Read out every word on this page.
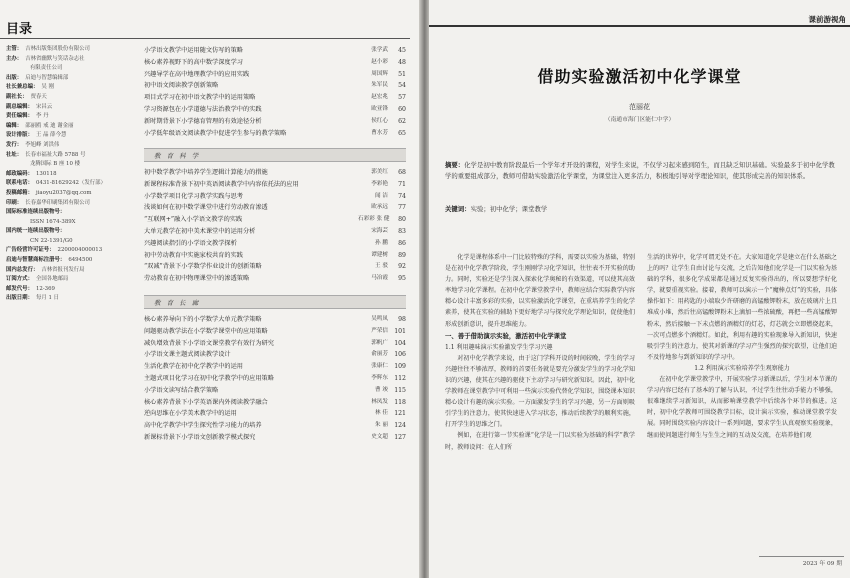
目录
主管： 吉林出版集团股份有限公司
主办： 吉林省幽默与笑话杂志社
有限责任公司
出版： 启迪与智慧编辑部
社长兼总编： 吴 刚
副社长： 贾春天
副总编辑： 宋昌云
责任编辑： 李 丹
编辑： 邵丽鸥 戒 迪 谢金丽
设计排版： 王 晶 薛今慧
发行： 李旭峰 刘洪伟
社址： 长春市福祉大路 5788 号
龙腾国际 B 座 10 楼
邮政编码： 130118
联系电话： 0431-81629242（发行部）
投稿邮箱： jiaoyu2037@qq.com
印刷： 长春嘉华印刷集团有限公司
国际标准连续出版物号：
ISSN 1674-389X
国内统一连续出版物号：
CN 22-1391/G0
广告经营许可证号： 2200004000013
启迪与智慧商标注册号： 6494500
国内总发行： 吉林省报刊发行局
订阅方式： 全国各地邮局
邮发代号： 12-369
出版日期： 每月 1 日
小学语文教学中运用随文仿写的策略	张学武	45
核心素养视野下的高中数学深度学习	赵小彩	48
兴趣导学在高中地理教学中的应用实践	周国辉	51
初中语文阅读教学创新策略	朱军民	54
项目式学习在初中语文教学中的运用策略	赵宏兆	57
学习资源包在小学道德与法治教学中的实践	欧亚锋	60
新时期背景下小学德育管理的有效途径分析	侯红心	62
小学低年级语文阅读教学中促进学生参与的教学策略	曹水芳	65
教 育 科 学
初中数学教学中培养学生逻辑计算能力的措施	郭美红	68
新课程标准背景下初中英语阅读教学中内容依托法的应用	李彩艳	71
小学数学项目化学习教学实践与思考	闻 洁	74
浅谈如何在初中数学课堂中进行劳动教育渗透	欧承远	77
“互联网+”融入小学语文教学的实践	石彩彩 张 健	80
大单元教学在初中美术课堂中的运用分析	宋海芸	83
兴趣阅读指引的小学语文教学探析	孙 鹏	86
初中劳动教育中实施家校共育的实践	谭建树	89
“双减”背景下小学数学作业设计的创新策略	王 驳	92
劳动教育在初中物理课堂中的渗透策略	马冶霞	95
教 育 长 廊
核心素养导向下的小学数学大单元教学策略	吴鸣凤	98
问题驱动教学法在小学数学课堂中的应用策略	严荣信 101
减负增效背景下小学语文课堂教学有效行为研究	郭帆广 104
小学语文课主题式阅读教学设计	俞丽芳 106
生活化教学在初中化学教学中的运用	张康仁 109
主题式项目化学习在初中化学教学中的应用策略	李辉东 112
小学语文读写结合教学策略	曹 竣 115
核心素养背景下小学英语课内外阅读教学融合	林凤发 118
逆向思维在小学美术教学中的运用	林 佳 121
高中化学教学中学生探究性学习能力的培养	朱 丽 124
新课标背景下小学语文创新教学模式探究	史文超 127
课前游视角
借助实验激活初中化学课堂
范丽花
（南通市海门区能仁中学）
摘要：化学是初中教育阶段最后一个学年才开设的课程，对学生来说，不仅学习起来感到陌生，而且缺乏知识基础。实验最多于初中化学教学的重要组成部分，教师可借助实验激活化学课堂，为课堂注入更多活力，积极地引导对学理论知识，使其形成完善的知识体系。
关键词：实验；初中化学；课堂教学

化学是课程体系中一门比较特殊的学科，需要以实验为基础，特别是在初中化学教学阶段，学生刚刚学习化学知识，往往表不开实验的助力。同时，实验还是学生深入探索化学奥秘的有效渠道，可以使其高效率地学习化学课程。在初中化学课堂教学中，教师应结合实际教学内容精心设计丰富多彩的实验，以实验激活化学课堂，在重培养学生的化学素养，使其在实验的辅助下更好地学习与探究化学理论知识，促使他们形成创新意识，提升思维能力。

一、善于借助演示实验，激活初中化学课堂
1.1 利用趣味演示实验激发学生学习兴趣

对初中化学教学来说，由于这门学科开设的时间较晚，学生的学习兴趣往往不够浓厚，教师的首要任务就是要充分激发学生的学习化学知识的兴趣，使其在兴趣的驱使下主动学习与研究新知识。因此，初中化学教师在课堂教学中可利用一些演示实验代替化学知识，围绕课本知识精心设计有趣的演示实验。一方面激发学生的学习兴趣，另一方面则吸引学生的注意力，使其快速进入学习状态，推动后续教学的顺利实施，打开学生的思维之门。

例如，在进行第一节实验课“化学是一门以实验为基础的科学”教学时，教师设问：在人们所

生活的世界中，化学可谓无处不在。大家知道化学是建立在什么基础之上的吗？让学生自由讨论与交流，之后告知他们化学是一门以实验为基础的学科，很多化学成果都是通过反复实验得出的，所以要想学好化学，就要重视实验。接着，教师可以演示一个“魔棒点灯”的实验，具体操作如下：用药匙的小端取少许研磨的高锰酸钾粉末，放在玻璃片上且堆成小堆，然后往高锰酸钾粉末上滴加一些浓硫酸，再把一些高锰酸钾粉末，然后接触一下未点燃的酒精灯的灯芯，灯芯就会立即燃烧起来，一次可点燃多个酒精灯。如此，利用有趣的实验现象导入新知识，快速吸引学生的注意力，使其对新课的学习产生强烈的探究欲望，让他们迫不及待地参与到新知识的学习中。

1.2 利用演示实验培养学生观察能力

在初中化学课堂教学中，开展实验学习新课以后，学生对本节课的学习内容已经有了基本的了解与认识，不过学生往往动手能力不够强，很难继续学习新知识，从而影响课堂教学中后续各个环节的推进。这时，初中化学教师可围绕教学目标，设计演示实验，推动课堂教学发展。同时围绕实验内容设计一系列问题，要求学生认真观察实验现象，继而使问题进行师生与生生之间的互动及交流，在培养他们观

2023 年 09 期
